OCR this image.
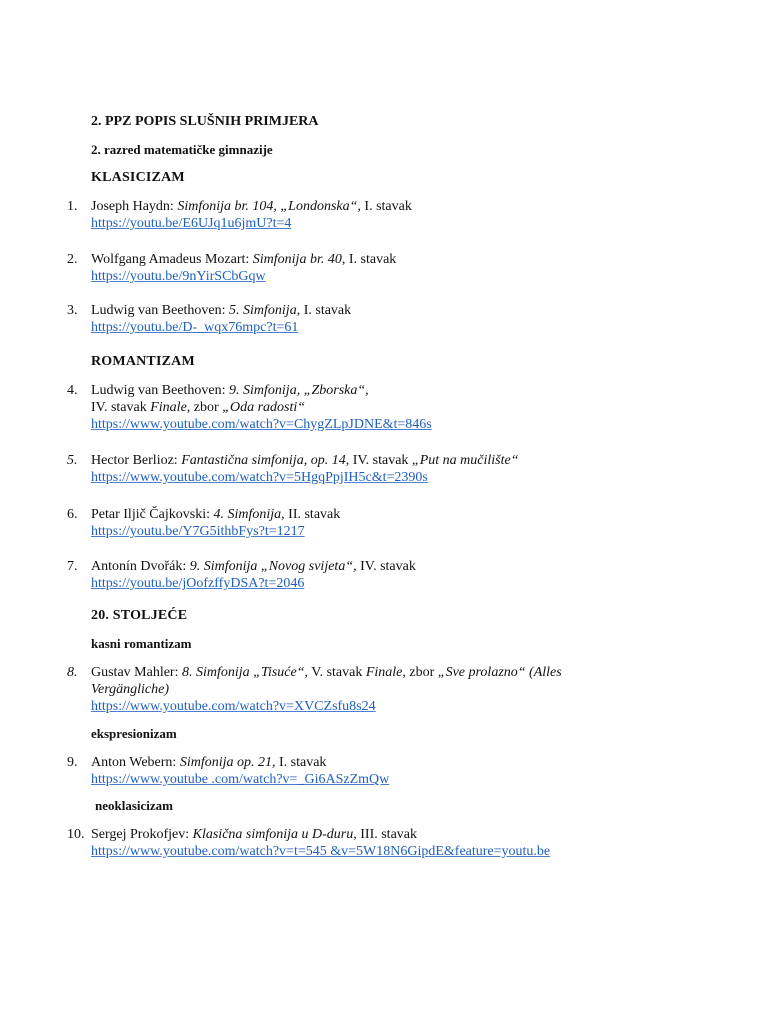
2. PPZ POPIS SLUŠNIH PRIMJERA
2. razred matematičke gimnazije
KLASICIZAM
1. Joseph Haydn: Simfonija br. 104, „Londonska“, I. stavak
https://youtu.be/E6UJq1u6jmU?t=4
2. Wolfgang Amadeus Mozart: Simfonija br. 40, I. stavak
https://youtu.be/9nYirSCbGqw
3. Ludwig van Beethoven: 5. Simfonija, I. stavak
https://youtu.be/D-_wqx76mpc?t=61
ROMANTIZAM
4. Ludwig van Beethoven: 9. Simfonija, „Zborska“,
IV. stavak Finale, zbor „Oda radosti“
https://www.youtube.com/watch?v=ChygZLpJDNE&t=846s
5. Hector Berlioz: Fantastična simfonija, op. 14, IV. stavak „Put na mučilište“
https://www.youtube.com/watch?v=5HgqPpjIH5c&t=2390s
6. Petar Iljič Čajkovski: 4. Simfonija, II. stavak
https://youtu.be/Y7G5ithbFys?t=1217
7. Antonín Dvořák: 9. Simfonija „Novog svijeta“, IV. stavak
https://youtu.be/jOofzffyDSA?t=2046
20. STOLJEĆE
kasni romantizam
8. Gustav Mahler: 8. Simfonija „Tisuće“, V. stavak Finale, zbor „Sve prolazno“ (Alles
Vergängliche)
https://www.youtube.com/watch?v=XVCZsfu8s24
ekspresionizam
9. Anton Webern: Simfonija op. 21, I. stavak
https://www.youtube .com/watch?v=_Gi6ASzZmQw
neoklasicizam
10. Sergej Prokofjev: Klasična simfonija u D-duru, III. stavak
https://www.youtube.com/watch?v=t=545 &v=5W18N6GipdE&feature=youtu.be
